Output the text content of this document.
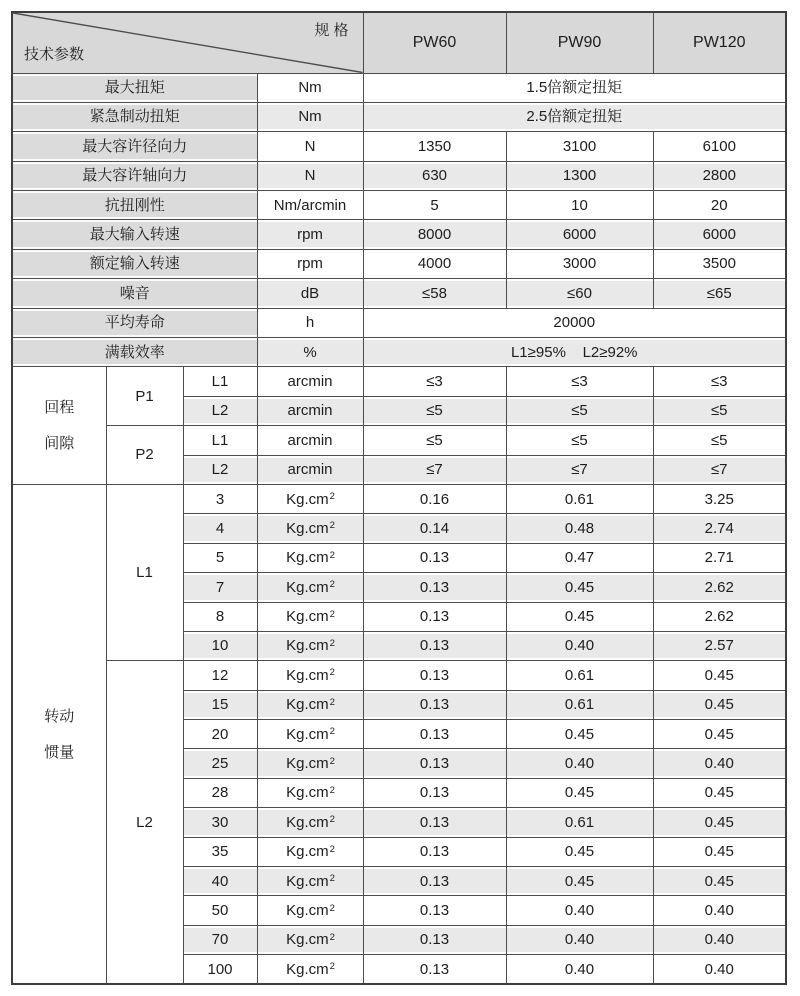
规 格
技术参数				PW60	PW90	PW120
最大扭矩			Nm	1.5倍额定扭矩		
紧急制动扭矩			Nm	2.5倍额定扭矩		
最大容许径向力			N	1350	3100	6100
最大容许轴向力			N	630	1300	2800
抗扭刚性			Nm/arcmin	5	10	20
最大输入转速			rpm	8000	6000	6000
额定输入转速			rpm	4000	3000	3500
噪音			dB	≤58	≤60	≤65
平均寿命			h	20000		
满载效率			%	L1≥95%    L2≥92%		

回程
间隙	P1	L1	arcmin	≤3	≤3	≤3
		L2	arcmin	≤5	≤5	≤5
	P2	L1	arcmin	≤5	≤5	≤5
		L2	arcmin	≤7	≤7	≤7

转动
惯量	L1	3	$Kg.cm^2$	0.16	0.61	3.25
		4	$Kg.cm^2$	0.14	0.48	2.74
		5	$Kg.cm^2$	0.13	0.47	2.71
		7	$Kg.cm^2$	0.13	0.45	2.62
		8	$Kg.cm^2$	0.13	0.45	2.62
		10	$Kg.cm^2$	0.13	0.40	2.57
	L2	12	$Kg.cm^2$	0.13	0.61	0.45
		15	$Kg.cm^2$	0.13	0.61	0.45
		20	$Kg.cm^2$	0.13	0.45	0.45
		25	$Kg.cm^2$	0.13	0.40	0.40
		28	$Kg.cm^2$	0.13	0.45	0.45
		30	$Kg.cm^2$	0.13	0.61	0.45
		35	$Kg.cm^2$	0.13	0.45	0.45
		40	$Kg.cm^2$	0.13	0.45	0.45
		50	$Kg.cm^2$	0.13	0.40	0.40
		70	$Kg.cm^2$	0.13	0.40	0.40
		100	$Kg.cm^2$	0.13	0.40	0.40
